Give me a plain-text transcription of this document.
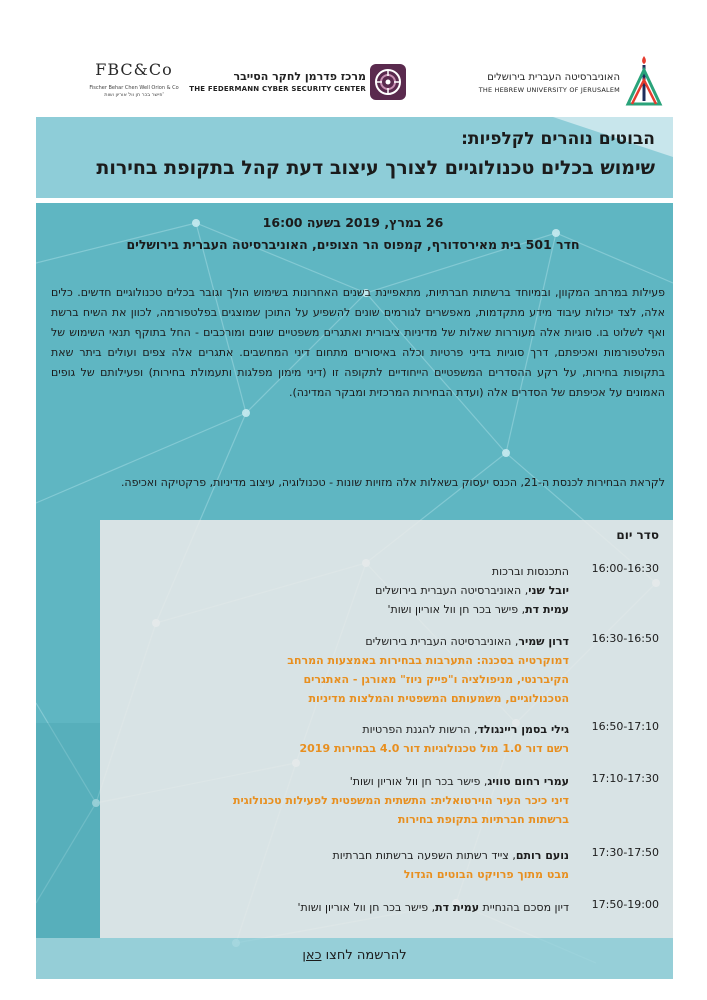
FBC&Co
Fischer Behar Chen Well Orion & Co
פישר בכר חן וול אוריון ושות'
מרכז פדרמן לחקר הסייבר
THE FEDERMANN CYBER SECURITY CENTER
האוניברסיטה העברית בירושלים
THE HEBREW UNIVERSITY OF JERUSALEM
הבוטים נוהרים לקלפיות:
שימוש בכלים טכנולוגיים לצורך עיצוב דעת קהל בתקופת בחירות
26 במרץ, 2019 בשעה 16:00
חדר 501 בית מאירסדורף, קמפוס הר הצופים, האוניברסיטה העברית בירושלים
פעילות במרחב המקוון, ובמיוחד ברשתות חברתיות, מתאפיינת בשנים האחרונות בשימוש הולך וגובר בכלים טכנולוגיים חדשים. כלים אלה, לצד יכולות עיבוד מידע מתקדמות, מאפשרים לגורמים שונים להשפיע על התוכן שמוצגים בפלטפורמה, לכוון את השיח ברשת ואף לשלוט בו. סוגיות אלה מעוררות שאלות של מדיניות ציבורית ואתגרים משפטיים שונים ומורכבים - החל בתוקף תנאי השימוש של הפלטפורמות ואכיפתם, דרך סוגיות בדיני פרטיות וכלה באיסורים מתחום דיני המחשבים. אתגרים אלה צפים ועולים ביתר שאת בתקופות בחירות, על רקע ההסדרים המשפטיים הייחודיים לתקופה זו (דיני מימון מפלגות ותעמולת בחירות) ופעילותם של גופים האמונים על אכיפתם של הסדרים אלה (ועדת הבחירות המרכזית ומבקר המדינה).
לקראת הבחירות לכנסת ה-21, הכנס יעסוק בשאלות אלה מזויות שונות - טכנולוגיה, עיצוב מדיניות, פרקטיקה ואכיפה.
סדר יום
16:00-16:30
התכנסות וברכות
יובל שני, האוניברסיטה העברית בירושלים
עמית דת, פישר בכר חן וול אוריון ושות'
16:30-16:50
דרון שמיר, האוניברסיטה העברית בירושלים
דמוקרטיה בסכנה: התערבות בבחירות באמצעות המרחב
הקיברנטי, מניפולציה ו"פייק ניוז" מאורגן - האתגרים
הטכנולוגיים, משמעותם המשפטית והמלצות מדיניות
16:50-17:10
גילי בסמן ריינגולד, הרשות להגנת הפרטיות
רשם דור 1.0 מול טכנולוגיות דור 4.0 בבחירות 2019
17:10-17:30
עמרי רחום טוויג, פישר בכר חן וול אוריון ושות'
דיני כיכר העיר הוירטואלית: התשתית המשפטית לפעילות טכנולוגית
ברשתות חברתיות בתקופת בחירות
17:30-17:50
נועם רותם, צייד רשתות השפעה ברשתות חברתיות
מבט מתוך פרויקט הבוטים הגדול
17:50-19:00
דיון מסכם בהנחיית עמית דת, פישר בכר חן וול אוריון ושות'
להרשמה לחצו כאן
